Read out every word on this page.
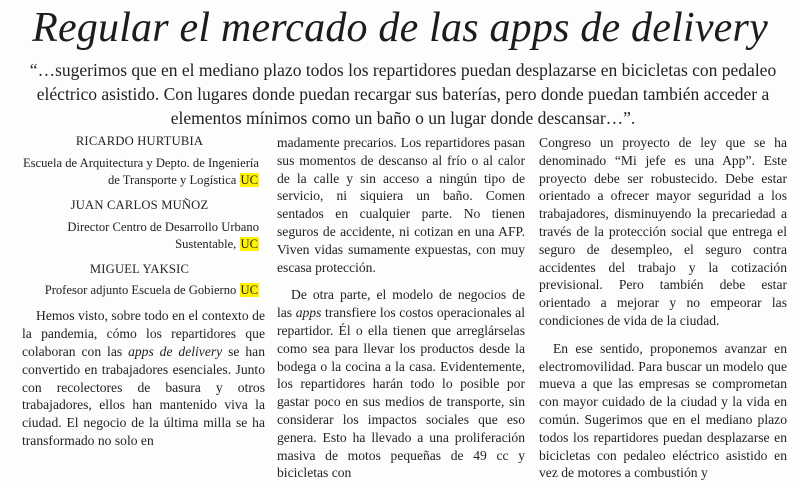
Regular el mercado de las apps de delivery

“…sugerimos que en el mediano plazo todos los repartidores puedan desplazarse en bicicletas con pedaleo eléctrico asistido. Con lugares donde puedan recargar sus baterías, pero donde puedan también acceder a elementos mínimos como un baño o un lugar donde descansar…”.

RICARDO HURTUBIA
Escuela de Arquitectura y Depto. de Ingeniería
de Transporte y Logística UC
JUAN CARLOS MUÑOZ
Director Centro de Desarrollo Urbano
Sustentable, UC
MIGUEL YAKSIC
Profesor adjunto Escuela de Gobierno UC

Hemos visto, sobre todo en el contexto de la pandemia, cómo los repartidores que colaboran con las apps de delivery se han convertido en trabajadores esenciales. Junto con recolectores de basura y otros trabajadores, ellos han mantenido viva la ciudad. El negocio de la última milla se ha transformado no solo en

madamente precarios. Los repartidores pasan sus momentos de descanso al frío o al calor de la calle y sin acceso a ningún tipo de servicio, ni siquiera un baño. Comen sentados en cualquier parte. No tienen seguros de accidente, ni cotizan en una AFP. Viven vidas sumamente expuestas, con muy escasa protección.

De otra parte, el modelo de negocios de las apps transfiere los costos operacionales al repartidor. Él o ella tienen que arreglárselas como sea para llevar los productos desde la bodega o la cocina a la casa. Evidentemente, los repartidores harán todo lo posible por gastar poco en sus medios de transporte, sin considerar los impactos sociales que eso genera. Esto ha llevado a una proliferación masiva de motos pequeñas de 49 cc y bicicletas con

Congreso un proyecto de ley que se ha denominado “Mi jefe es una App”. Este proyecto debe ser robustecido. Debe estar orientado a ofrecer mayor seguridad a los trabajadores, disminuyendo la precariedad a través de la protección social que entrega el seguro de desempleo, el seguro contra accidentes del trabajo y la cotización previsional. Pero también debe estar orientado a mejorar y no empeorar las condiciones de vida de la ciudad.

En ese sentido, proponemos avanzar en electromovilidad. Para buscar un modelo que mueva a que las empresas se comprometan con mayor cuidado de la ciudad y la vida en común. Sugerimos que en el mediano plazo todos los repartidores puedan desplazarse en bicicletas con pedaleo eléctrico asistido en vez de motores a combustión y
